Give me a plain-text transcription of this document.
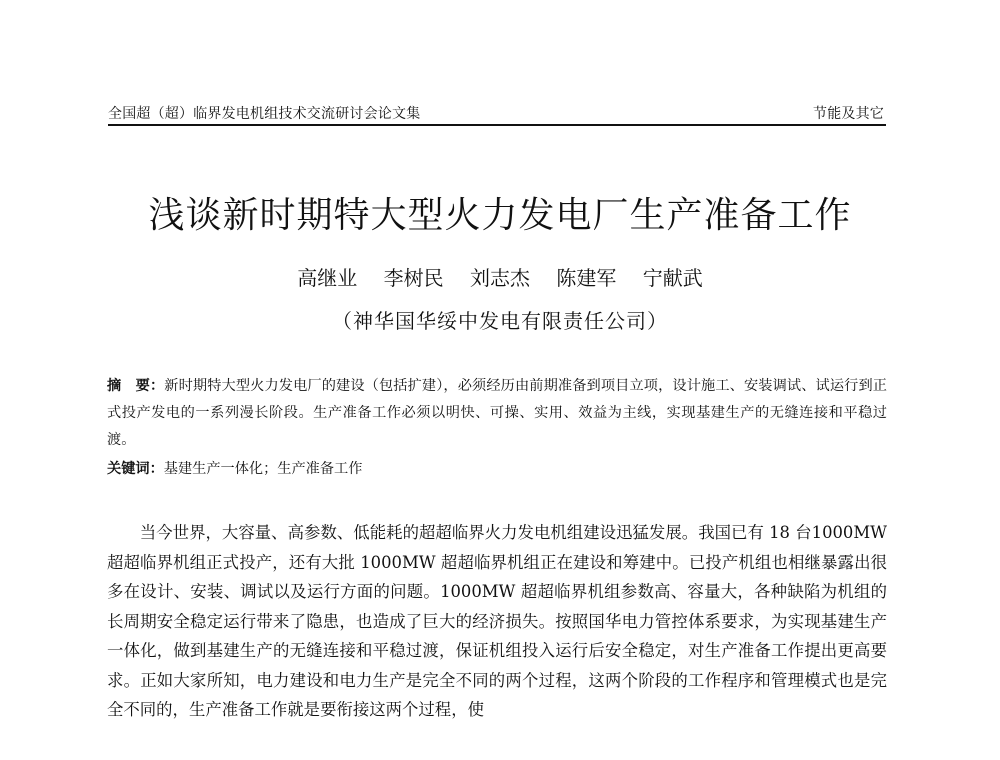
全国超（超）临界发电机组技术交流研讨会论文集	节能及其它
浅谈新时期特大型火力发电厂生产准备工作
高继业 李树民 刘志杰 陈建军 宁献武
（神华国华绥中发电有限责任公司）
摘　要：新时期特大型火力发电厂的建设（包括扩建），必须经历由前期准备到项目立项，设计施工、安装调试、试运行到正式投产发电的一系列漫长阶段。生产准备工作必须以明快、可操、实用、效益为主线，实现基建生产的无缝连接和平稳过渡。
关键词：基建生产一体化；生产准备工作
当今世界，大容量、高参数、低能耗的超超临界火力发电机组建设迅猛发展。我国已有 18 台1000MW 超超临界机组正式投产，还有大批 1000MW 超超临界机组正在建设和筹建中。已投产机组也相继暴露出很多在设计、安装、调试以及运行方面的问题。1000MW 超超临界机组参数高、容量大，各种缺陷为机组的长周期安全稳定运行带来了隐患，也造成了巨大的经济损失。按照国华电力管控体系要求，为实现基建生产一体化，做到基建生产的无缝连接和平稳过渡，保证机组投入运行后安全稳定，对生产准备工作提出更高要求。正如大家所知，电力建设和电力生产是完全不同的两个过程，这两个阶段的工作程序和管理模式也是完全不同的，生产准备工作就是要衔接这两个过程，使
